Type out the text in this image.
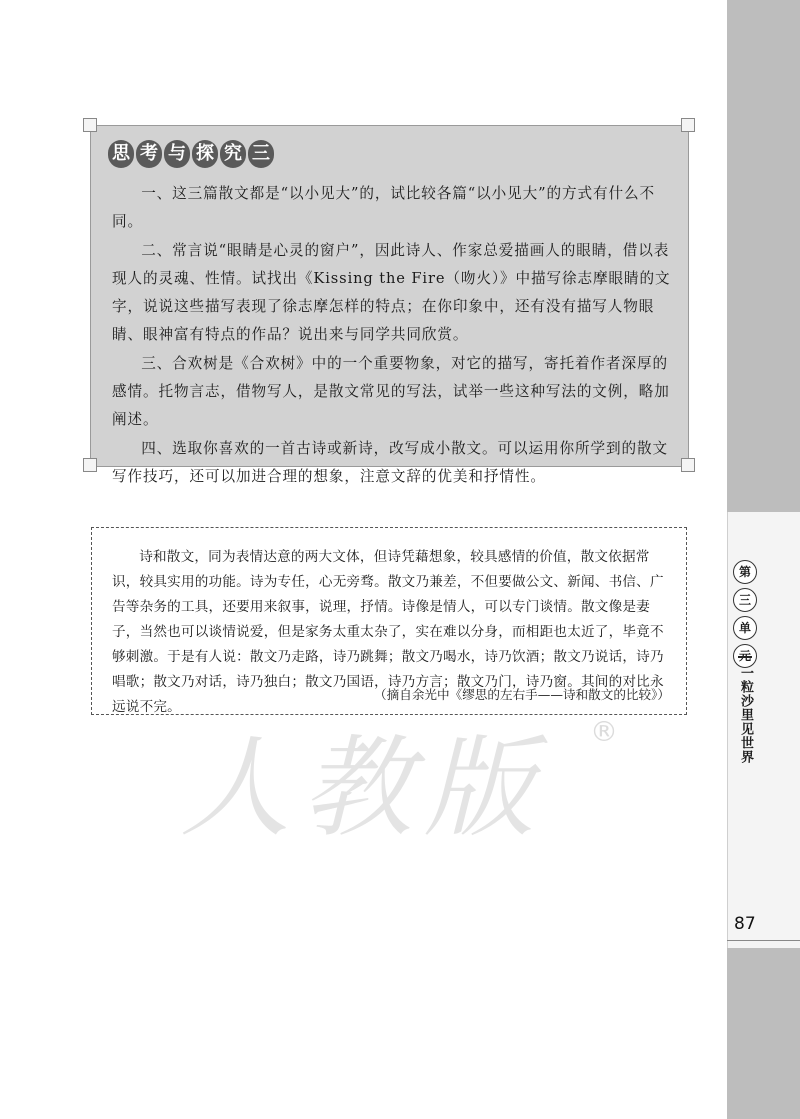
第
三
单
元
一粒沙里见世界
87
思 考 与 探 究 三

一、这三篇散文都是“以小见大”的，试比较各篇“以小见大”的方式有什么不同。

二、常言说“眼睛是心灵的窗户”，因此诗人、作家总爱描画人的眼睛，借以表现人的灵魂、性情。试找出《Kissing the Fire（吻火）》中描写徐志摩眼睛的文字，说说这些描写表现了徐志摩怎样的特点；在你印象中，还有没有描写人物眼睛、眼神富有特点的作品？说出来与同学共同欣赏。

三、合欢树是《合欢树》中的一个重要物象，对它的描写，寄托着作者深厚的感情。托物言志，借物写人，是散文常见的写法，试举一些这种写法的文例，略加阐述。

四、选取你喜欢的一首古诗或新诗，改写成小散文。可以运用你所学到的散文写作技巧，还可以加进合理的想象，注意文辞的优美和抒情性。

诗和散文，同为表情达意的两大文体，但诗凭藉想象，较具感情的价值，散文依据常识，较具实用的功能。诗为专任，心无旁骛。散文乃兼差，不但要做公文、新闻、书信、广告等杂务的工具，还要用来叙事，说理，抒情。诗像是情人，可以专门谈情。散文像是妻子，当然也可以谈情说爱，但是家务太重太杂了，实在难以分身，而相距也太近了，毕竟不够刺激。于是有人说：散文乃走路，诗乃跳舞；散文乃喝水，诗乃饮酒；散文乃说话，诗乃唱歌；散文乃对话，诗乃独白；散文乃国语，诗乃方言；散文乃门，诗乃窗。其间的对比永远说不完。

（摘自余光中《缪思的左右手——诗和散文的比较》）
人教版	®
